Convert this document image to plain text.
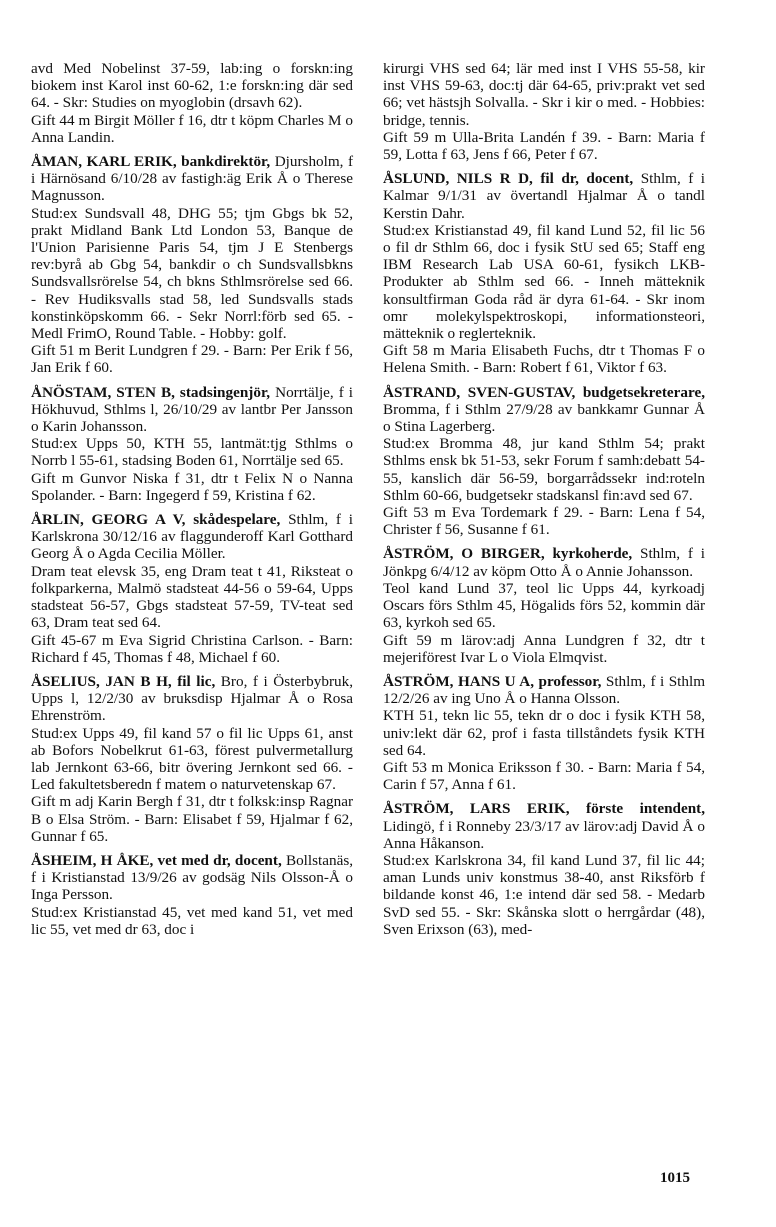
avd Med Nobelinst 37-59, lab:ing o forskn:ing biokem inst Karol inst 60-62, 1:e forskn:ing där sed 64. - Skr: Studies on myoglobin (drsavh 62).

Gift 44 m Birgit Möller f 16, dtr t köpm Charles M o Anna Landin.

ÅMAN, KARL ERIK, bankdirektör, Djursholm, f i Härnösand 6/10/28 av fastigh:äg Erik Å o Therese Magnusson.

Stud:ex Sundsvall 48, DHG 55; tjm Gbgs bk 52, prakt Midland Bank Ltd London 53, Banque de l'Union Parisienne Paris 54, tjm J E Stenbergs rev:byrå ab Gbg 54, bankdir o ch Sundsvallsbkns Sundsvallsrörelse 54, ch bkns Sthlmsrörelse sed 66. - Rev Hudiksvalls stad 58, led Sundsvalls stads konstinköpskomm 66. - Sekr Norrl:förb sed 65. - Medl FrimO, Round Table. - Hobby: golf.

Gift 51 m Berit Lundgren f 29. - Barn: Per Erik f 56, Jan Erik f 60.

ÅNÖSTAM, STEN B, stadsingenjör, Norrtälje, f i Hökhuvud, Sthlms l, 26/10/29 av lantbr Per Jansson o Karin Johansson.

Stud:ex Upps 50, KTH 55, lantmät:tjg Sthlms o Norrb l 55-61, stadsing Boden 61, Norrtälje sed 65.

Gift m Gunvor Niska f 31, dtr t Felix N o Nanna Spolander. - Barn: Ingegerd f 59, Kristina f 62.

ÅRLIN, GEORG A V, skådespelare, Sthlm, f i Karlskrona 30/12/16 av flaggunderoff Karl Gotthard Georg Å o Agda Cecilia Möller.

Dram teat elevsk 35, eng Dram teat t 41, Riksteat o folkparkerna, Malmö stadsteat 44-56 o 59-64, Upps stadsteat 56-57, Gbgs stadsteat 57-59, TV-teat sed 63, Dram teat sed 64.

Gift 45-67 m Eva Sigrid Christina Carlson. - Barn: Richard f 45, Thomas f 48, Michael f 60.

ÅSELIUS, JAN B H, fil lic, Bro, f i Österbybruk, Upps l, 12/2/30 av bruksdisp Hjalmar Å o Rosa Ehrenström.

Stud:ex Upps 49, fil kand 57 o fil lic Upps 61, anst ab Bofors Nobelkrut 61-63, förest pulvermetallurg lab Jernkont 63-66, bitr övering Jernkont sed 66. - Led fakultetsberedn f matem o naturvetenskap 67.

Gift m adj Karin Bergh f 31, dtr t folksk:insp Ragnar B o Elsa Ström. - Barn: Elisabet f 59, Hjalmar f 62, Gunnar f 65.

ÅSHEIM, H ÅKE, vet med dr, docent, Bollstanäs, f i Kristianstad 13/9/26 av godsäg Nils Olsson-Å o Inga Persson.

Stud:ex Kristianstad 45, vet med kand 51, vet med lic 55, vet med dr 63, doc i

kirurgi VHS sed 64; lär med inst I VHS 55-58, kir inst VHS 59-63, doc:tj där 64-65, priv:prakt vet sed 66; vet hästsjh Solvalla. - Skr i kir o med. - Hobbies: bridge, tennis.

Gift 59 m Ulla-Brita Landén f 39. - Barn: Maria f 59, Lotta f 63, Jens f 66, Peter f 67.

ÅSLUND, NILS R D, fil dr, docent, Sthlm, f i Kalmar 9/1/31 av övertandl Hjalmar Å o tandl Kerstin Dahr.

Stud:ex Kristianstad 49, fil kand Lund 52, fil lic 56 o fil dr Sthlm 66, doc i fysik StU sed 65; Staff eng IBM Research Lab USA 60-61, fysikch LKB-Produkter ab Sthlm sed 66. - Inneh mätteknik konsultfirman Goda råd är dyra 61-64. - Skr inom omr molekylspektroskopi, informationsteori, mätteknik o reglerteknik.

Gift 58 m Maria Elisabeth Fuchs, dtr t Thomas F o Helena Smith. - Barn: Robert f 61, Viktor f 63.

ÅSTRAND, SVEN-GUSTAV, budgetsekreterare, Bromma, f i Sthlm 27/9/28 av bankkamr Gunnar Å o Stina Lagerberg.

Stud:ex Bromma 48, jur kand Sthlm 54; prakt Sthlms ensk bk 51-53, sekr Forum f samh:debatt 54-55, kanslich där 56-59, borgarrådssekr ind:roteln Sthlm 60-66, budgetsekr stadskansl fin:avd sed 67.

Gift 53 m Eva Tordemark f 29. - Barn: Lena f 54, Christer f 56, Susanne f 61.

ÅSTRÖM, O BIRGER, kyrkoherde, Sthlm, f i Jönkpg 6/4/12 av köpm Otto Å o Annie Johansson.

Teol kand Lund 37, teol lic Upps 44, kyrkoadj Oscars förs Sthlm 45, Högalids förs 52, kommin där 63, kyrkoh sed 65.

Gift 59 m lärov:adj Anna Lundgren f 32, dtr t mejeriförest Ivar L o Viola Elmqvist.

ÅSTRÖM, HANS U A, professor, Sthlm, f i Sthlm 12/2/26 av ing Uno Å o Hanna Olsson.

KTH 51, tekn lic 55, tekn dr o doc i fysik KTH 58, univ:lekt där 62, prof i fasta tillståndets fysik KTH sed 64.

Gift 53 m Monica Eriksson f 30. - Barn: Maria f 54, Carin f 57, Anna f 61.

ÅSTRÖM, LARS ERIK, förste intendent, Lidingö, f i Ronneby 23/3/17 av lärov:adj David Å o Anna Håkanson.

Stud:ex Karlskrona 34, fil kand Lund 37, fil lic 44; aman Lunds univ konstmus 38-40, anst Riksförb f bildande konst 46, 1:e intend där sed 58. - Medarb SvD sed 55. - Skr: Skånska slott o herrgårdar (48), Sven Erixson (63), med-

1015
